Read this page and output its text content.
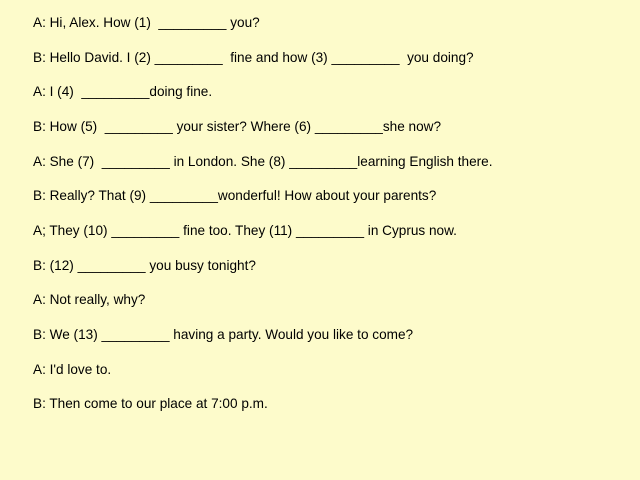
A: Hi, Alex. How (1)  _________ you?

B: Hello David. I (2) _________  fine and how (3) _________  you doing?

A: I (4)  _________doing fine.

B: How (5)  _________ your sister? Where (6) _________she now?

A: She (7)  _________ in London. She (8) _________learning English there.

B: Really? That (9) _________wonderful! How about your parents?

A; They (10) _________ fine too. They (11) _________ in Cyprus now.

B: (12) _________ you busy tonight?

A: Not really, why?

B: We (13) _________ having a party. Would you like to come?

A: I'd love to.

B: Then come to our place at 7:00 p.m.
